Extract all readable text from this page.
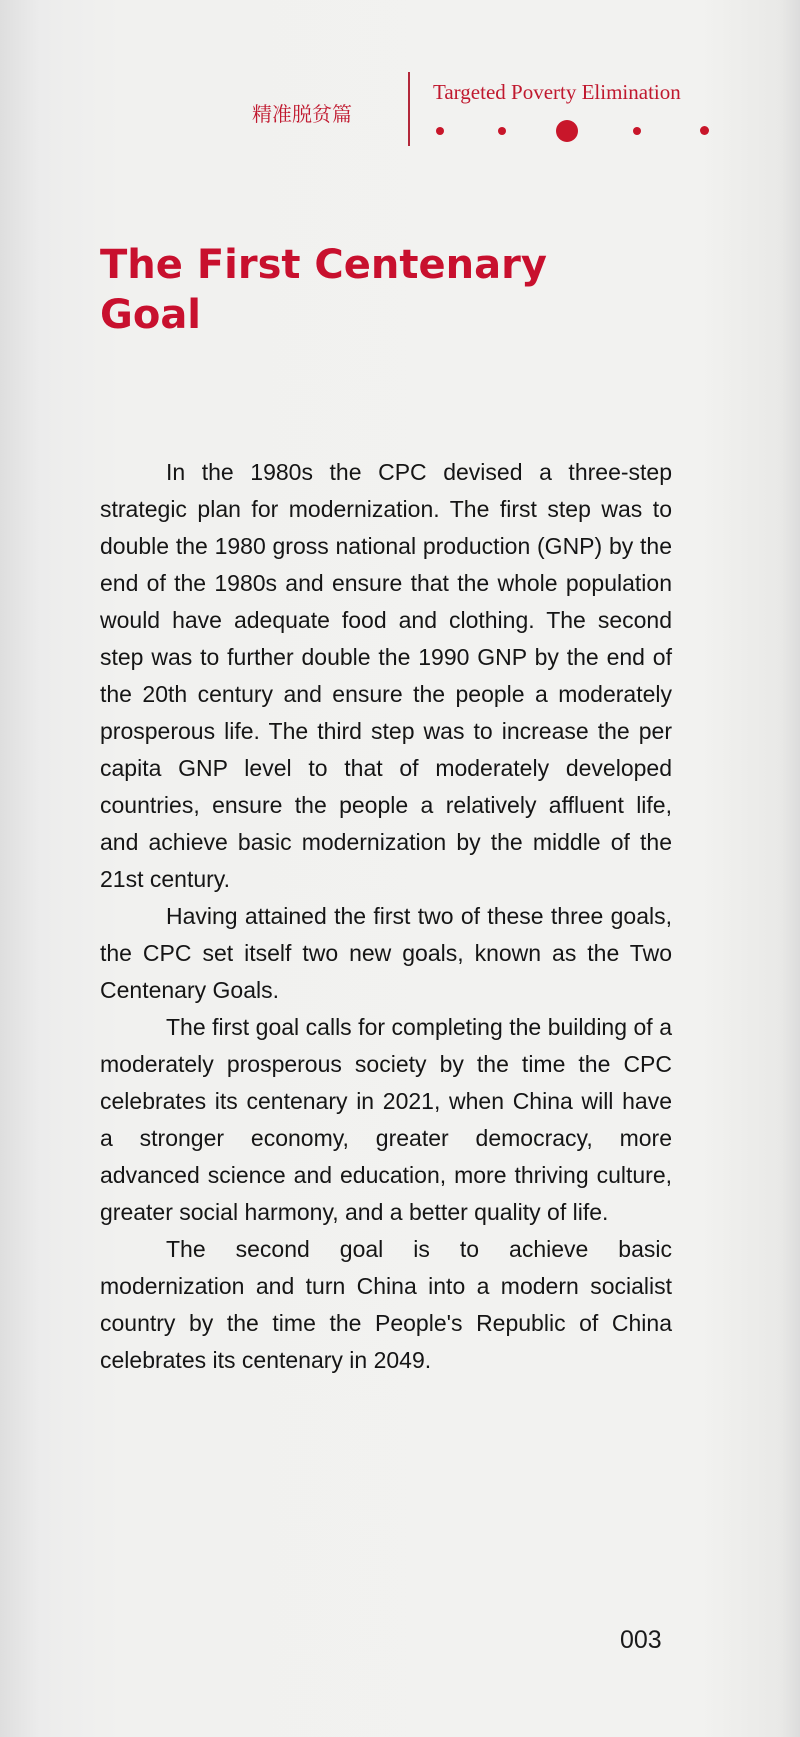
精准脱贫篇
Targeted Poverty Elimination
The First Centenary Goal

In the 1980s the CPC devised a three-step strategic plan for modernization. The first step was to double the 1980 gross national production (GNP) by the end of the 1980s and ensure that the whole population would have adequate food and clothing. The second step was to further double the 1990 GNP by the end of the 20th century and ensure the people a moderately prosperous life. The third step was to increase the per capita GNP level to that of moderately developed countries, ensure the people a relatively affluent life, and achieve basic modernization by the middle of the 21st century.

Having attained the first two of these three goals, the CPC set itself two new goals, known as the Two Centenary Goals.

The first goal calls for completing the building of a moderately prosperous society by the time the CPC celebrates its centenary in 2021, when China will have a stronger economy, greater democracy, more advanced science and education, more thriving culture, greater social harmony, and a better quality of life.

The second goal is to achieve basic modernization and turn China into a modern socialist country by the time the People's Republic of China celebrates its centenary in 2049.

003
